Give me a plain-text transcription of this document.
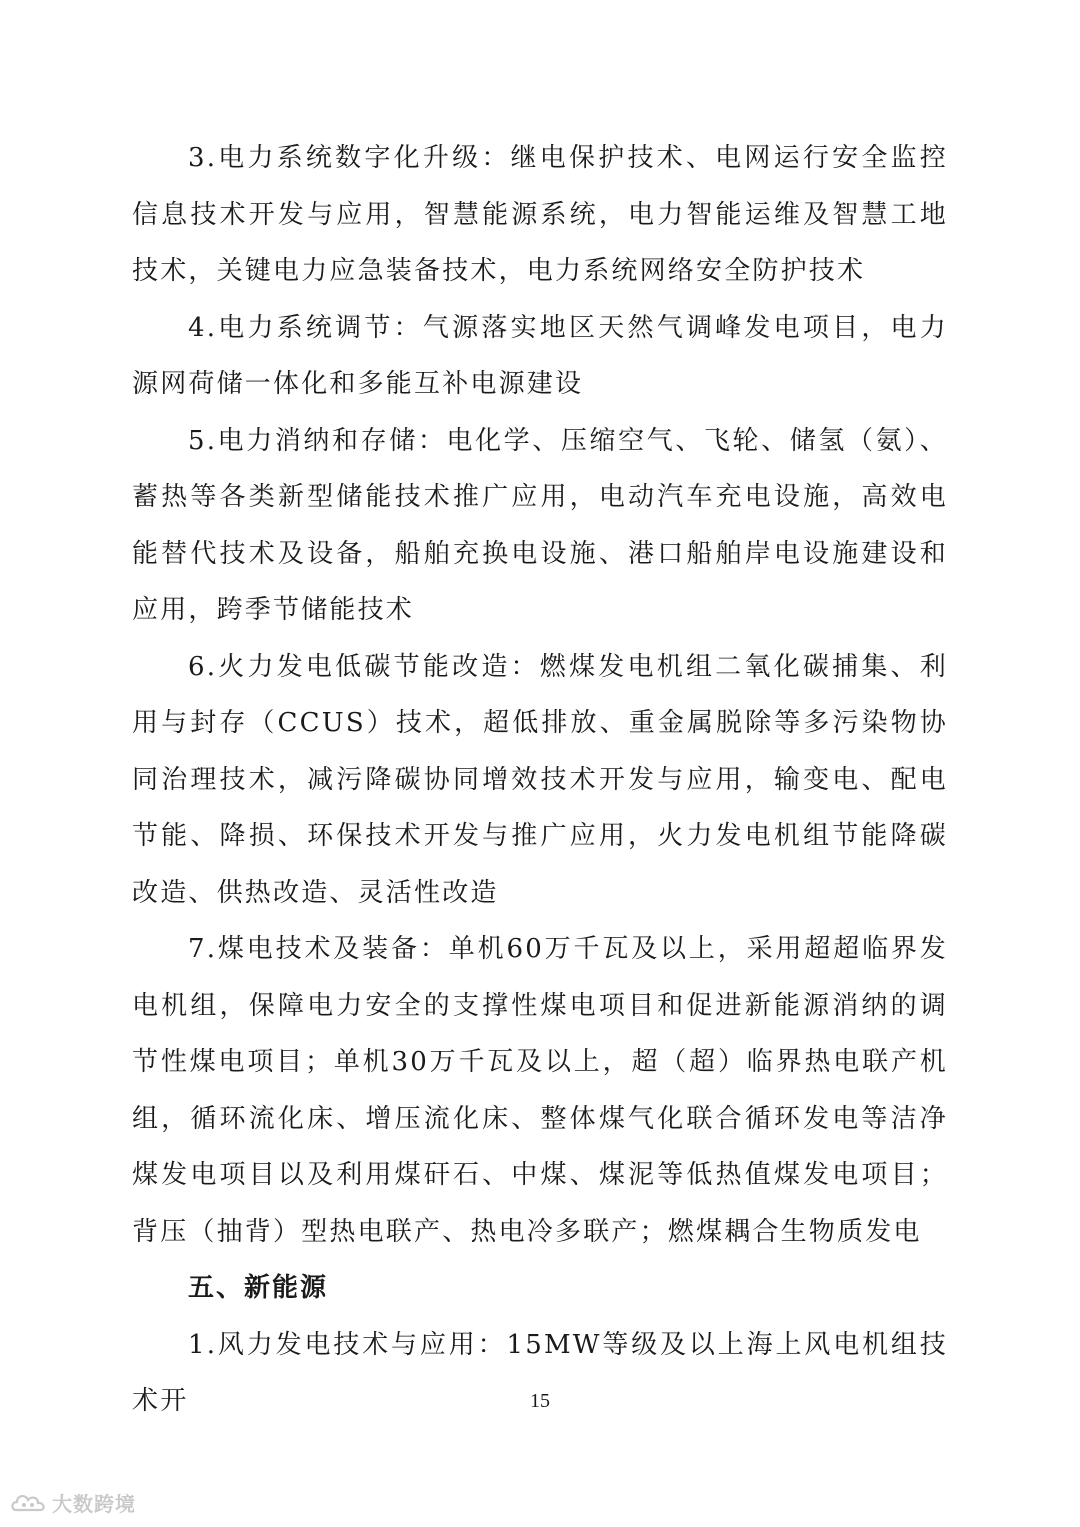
3.电力系统数字化升级：继电保护技术、电网运行安全监控信息技术开发与应用，智慧能源系统，电力智能运维及智慧工地技术，关键电力应急装备技术，电力系统网络安全防护技术

4.电力系统调节：气源落实地区天然气调峰发电项目，电力源网荷储一体化和多能互补电源建设

5.电力消纳和存储：电化学、压缩空气、飞轮、储氢（氨）、蓄热等各类新型储能技术推广应用，电动汽车充电设施，高效电能替代技术及设备，船舶充换电设施、港口船舶岸电设施建设和应用，跨季节储能技术

6.火力发电低碳节能改造：燃煤发电机组二氧化碳捕集、利用与封存（CCUS）技术，超低排放、重金属脱除等多污染物协同治理技术，减污降碳协同增效技术开发与应用，输变电、配电节能、降损、环保技术开发与推广应用，火力发电机组节能降碳改造、供热改造、灵活性改造

7.煤电技术及装备：单机60万千瓦及以上，采用超超临界发电机组，保障电力安全的支撑性煤电项目和促进新能源消纳的调节性煤电项目；单机30万千瓦及以上，超（超）临界热电联产机组，循环流化床、增压流化床、整体煤气化联合循环发电等洁净煤发电项目以及利用煤矸石、中煤、煤泥等低热值煤发电项目；背压（抽背）型热电联产、热电冷多联产；燃煤耦合生物质发电

五、新能源

1.风力发电技术与应用：15MW等级及以上海上风电机组技术开	15
大数跨境
